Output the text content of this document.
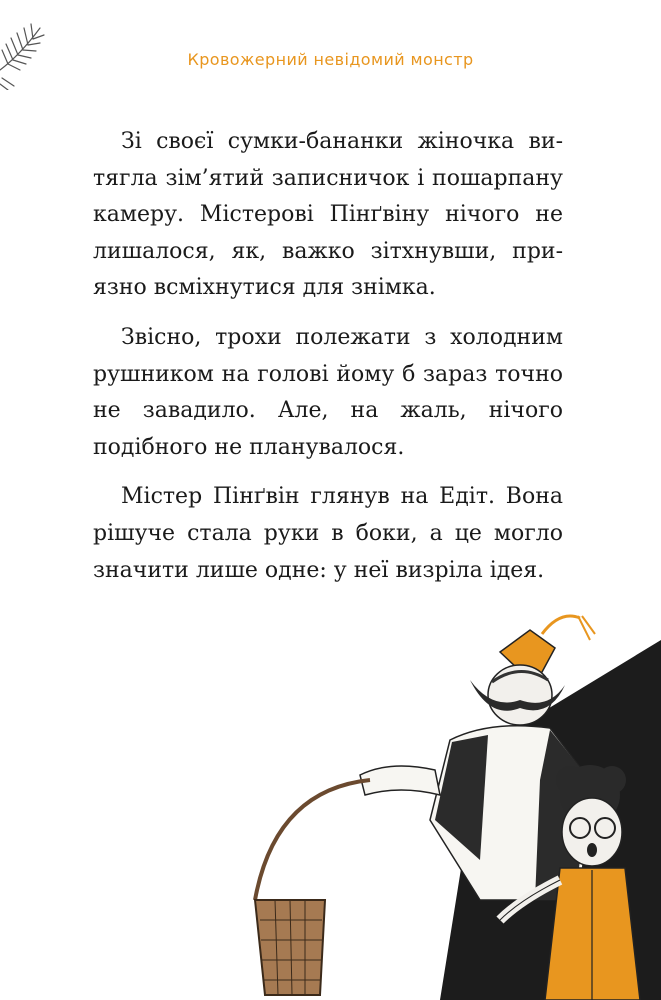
Кровожерний невідомий монстр

Зі своєї сумки-бананки жіночка витягла зім’ятий записничок і пошарпану камеру. Містерові Пінґвіну нічого не лишалося, як, важко зітхнувши, приязно всміхнутися для знімка.

Звісно, трохи полежати з холодним рушником на голові йому б зараз точно не завадило. Але, на жаль, нічого подібного не планувалося.

Містер Пінґвін глянув на Едіт. Вона рішуче стала руки в боки, а це могло значити лише одне: у неї визріла ідея.
